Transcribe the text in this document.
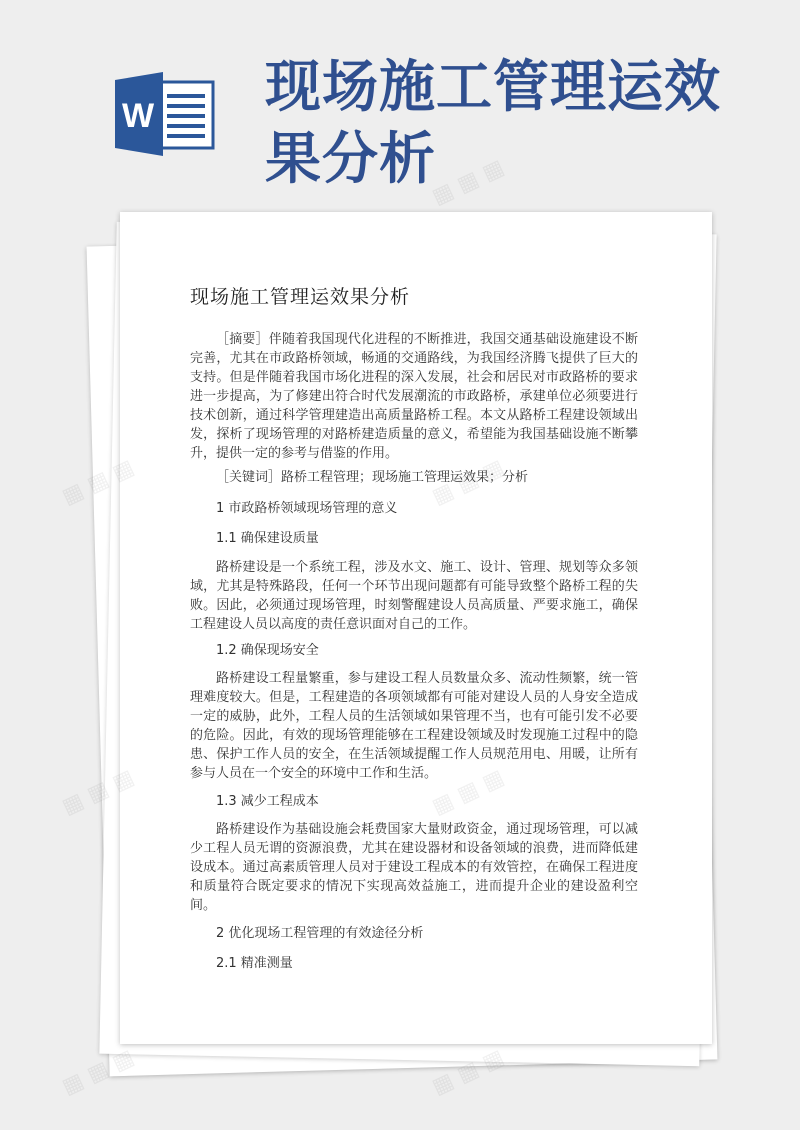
W 现场施工管理运效果分析
现场施工管理运效果分析
［摘要］伴随着我国现代化进程的不断推进，我国交通基础设施建设不断完善，尤其在市政路桥领域，畅通的交通路线，为我国经济腾飞提供了巨大的支持。但是伴随着我国市场化进程的深入发展，社会和居民对市政路桥的要求进一步提高，为了修建出符合时代发展潮流的市政路桥，承建单位必须要进行技术创新，通过科学管理建造出高质量路桥工程。本文从路桥工程建设领域出发，探析了现场管理的对路桥建造质量的意义，希望能为我国基础设施不断攀升，提供一定的参考与借鉴的作用。
［关键词］路桥工程管理；现场施工管理运效果；分析
1 市政路桥领域现场管理的意义
1.1 确保建设质量
路桥建设是一个系统工程，涉及水文、施工、设计、管理、规划等众多领域，尤其是特殊路段，任何一个环节出现问题都有可能导致整个路桥工程的失败。因此，必须通过现场管理，时刻警醒建设人员高质量、严要求施工，确保工程建设人员以高度的责任意识面对自己的工作。
1.2 确保现场安全
路桥建设工程量繁重，参与建设工程人员数量众多、流动性频繁，统一管理难度较大。但是，工程建造的各项领域都有可能对建设人员的人身安全造成一定的威胁，此外，工程人员的生活领域如果管理不当，也有可能引发不必要的危险。因此，有效的现场管理能够在工程建设领域及时发现施工过程中的隐患、保护工作人员的安全，在生活领域提醒工作人员规范用电、用暖，让所有参与人员在一个安全的环境中工作和生活。
1.3 减少工程成本
路桥建设作为基础设施会耗费国家大量财政资金，通过现场管理，可以减少工程人员无谓的资源浪费，尤其在建设器材和设备领域的浪费，进而降低建设成本。通过高素质管理人员对于建设工程成本的有效管控，在确保工程进度和质量符合既定要求的情况下实现高效益施工，进而提升企业的建设盈利空间。
2 优化现场工程管理的有效途径分析
2.1 精准测量
▦ ▦ ▦
▦
▦ ▦ ▦
▦ ▦ ▦	▦ ▦ ▦
